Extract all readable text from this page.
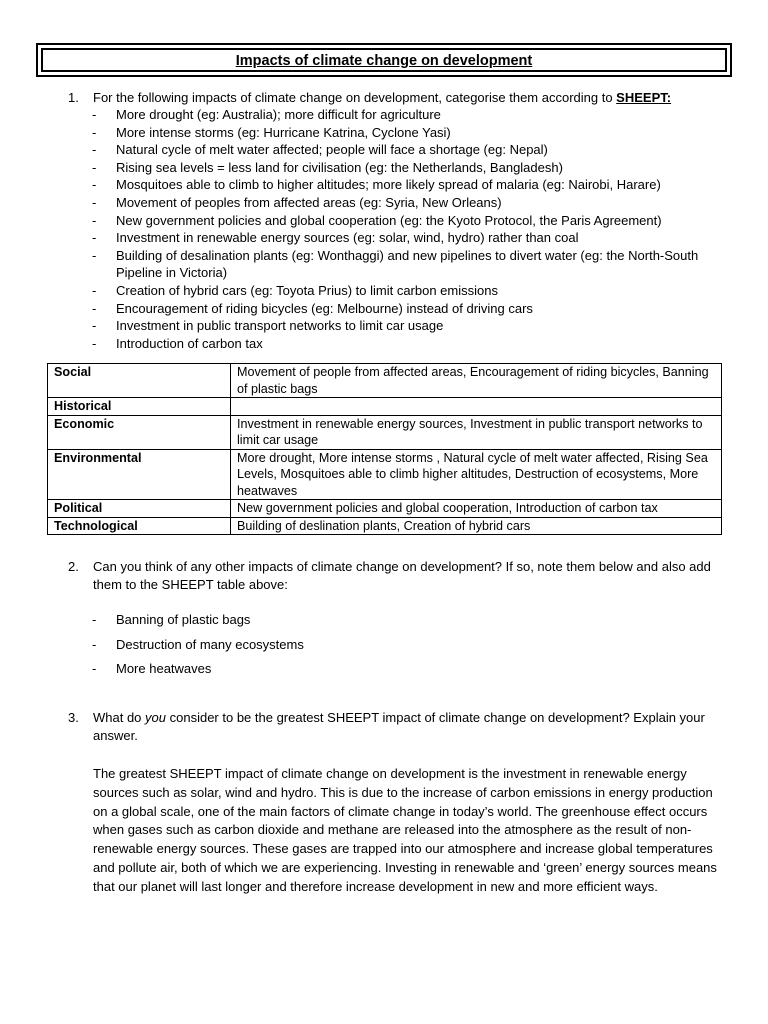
Impacts of climate change on development
1. For the following impacts of climate change on development, categorise them according to SHEEPT:
- More drought (eg: Australia); more difficult for agriculture
- More intense storms (eg: Hurricane Katrina, Cyclone Yasi)
- Natural cycle of melt water affected; people will face a shortage (eg: Nepal)
- Rising sea levels = less land for civilisation (eg: the Netherlands, Bangladesh)
- Mosquitoes able to climb to higher altitudes; more likely spread of malaria (eg: Nairobi, Harare)
- Movement of peoples from affected areas (eg: Syria, New Orleans)
- New government policies and global cooperation (eg: the Kyoto Protocol, the Paris Agreement)
- Investment in renewable energy sources (eg: solar, wind, hydro) rather than coal
- Building of desalination plants (eg: Wonthaggi) and new pipelines to divert water (eg: the North-South Pipeline in Victoria)
- Creation of hybrid cars (eg: Toyota Prius) to limit carbon emissions
- Encouragement of riding bicycles (eg: Melbourne) instead of driving cars
- Investment in public transport networks to limit car usage
- Introduction of carbon tax
Social	Movement of people from affected areas, Encouragement of riding bicycles, Banning of plastic bags
Historical	
Economic	Investment in renewable energy sources, Investment in public transport networks to limit car usage
Environmental	More drought, More intense storms , Natural cycle of melt water affected, Rising Sea Levels, Mosquitoes able to climb higher altitudes, Destruction of ecosystems, More heatwaves
Political	New government policies and global cooperation, Introduction of carbon tax
Technological	Building of deslination plants, Creation of hybrid cars
2. Can you think of any other impacts of climate change on development? If so, note them below and also add them to the SHEEPT table above:
- Banning of plastic bags
- Destruction of many ecosystems
- More heatwaves
3. What do you consider to be the greatest SHEEPT impact of climate change on development? Explain your answer.
The greatest SHEEPT impact of climate change on development is the investment in renewable energy sources such as solar, wind and hydro. This is due to the increase of carbon emissions in energy production on a global scale, one of the main factors of climate change in today’s world. The greenhouse effect occurs when gases such as carbon dioxide and methane are released into the atmosphere as the result of non-renewable energy sources. These gases are trapped into our atmosphere and increase global temperatures and pollute air, both of which we are experiencing. Investing in renewable and ‘green’ energy sources means that our planet will last longer and therefore increase development in new and more efficient ways.
